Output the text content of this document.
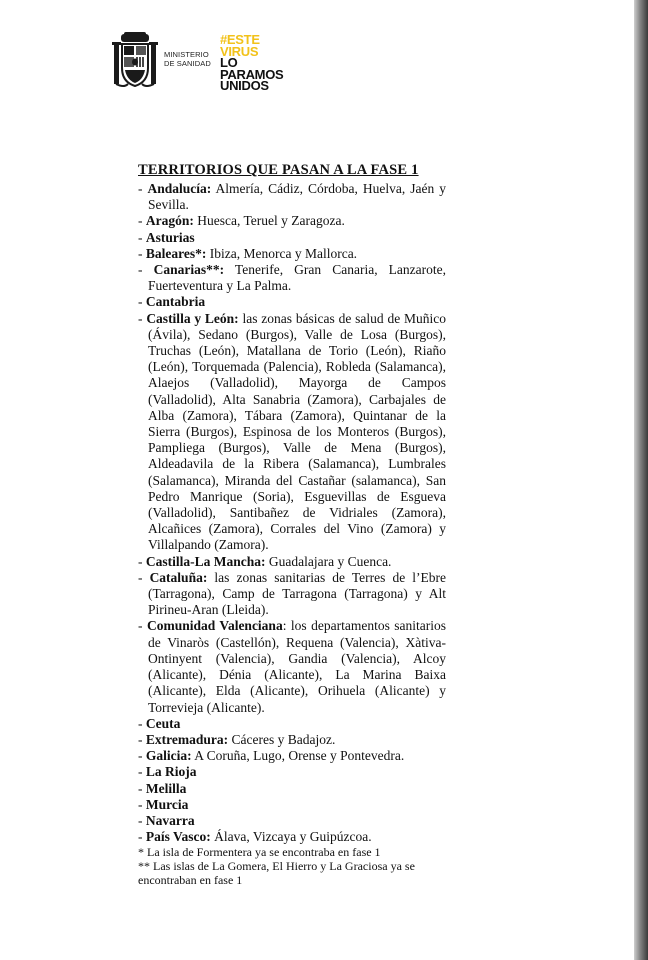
MINISTERIO
DE SANIDAD
#ESTE
VIRUS
LO
PARAMOS
UNIDOS
TERRITORIOS QUE PASAN A LA FASE 1

- Andalucía: Almería, Cádiz, Córdoba, Huelva, Jaén y Sevilla.

- Aragón: Huesca, Teruel y Zaragoza.

- Asturias

- Baleares*: Ibiza, Menorca y Mallorca.

- Canarias**: Tenerife, Gran Canaria, Lanzarote, Fuerteventura y La Palma.

- Cantabria

- Castilla y León: las zonas básicas de salud de Muñico (Ávila), Sedano (Burgos), Valle de Losa (Burgos), Truchas (León), Matallana de Torio (León), Riaño (León), Torquemada (Palencia), Robleda (Salamanca), Alaejos (Valladolid), Mayorga de Campos (Valladolid), Alta Sanabria (Zamora), Carbajales de Alba (Zamora), Tábara (Zamora), Quintanar de la Sierra (Burgos), Espinosa de los Monteros (Burgos), Pampliega (Burgos), Valle de Mena (Burgos), Aldeadavila de la Ribera (Salamanca), Lumbrales (Salamanca), Miranda del Castañar (salamanca), San Pedro Manrique (Soria), Esguevillas de Esgueva (Valladolid), Santibañez de Vidriales (Zamora), Alcañices (Zamora), Corrales del Vino (Zamora) y Villalpando (Zamora).

- Castilla-La Mancha: Guadalajara y Cuenca.

- Cataluña: las zonas sanitarias de Terres de l’Ebre (Tarragona), Camp de Tarragona (Tarragona) y Alt Pirineu-Aran (Lleida).

- Comunidad Valenciana: los departamentos sanitarios de Vinaròs (Castellón), Requena (Valencia), Xàtiva-Ontinyent (Valencia), Gandia (Valencia), Alcoy (Alicante), Dénia (Alicante), La Marina Baixa (Alicante), Elda (Alicante), Orihuela (Alicante) y Torrevieja (Alicante).

- Ceuta

- Extremadura: Cáceres y Badajoz.

- Galicia: A Coruña, Lugo, Orense y Pontevedra.

- La Rioja

- Melilla

- Murcia

- Navarra

- País Vasco: Álava, Vizcaya y Guipúzcoa.

* La isla de Formentera ya se encontraba en fase 1

** Las islas de La Gomera, El Hierro y La Graciosa ya se encontraban en fase 1
